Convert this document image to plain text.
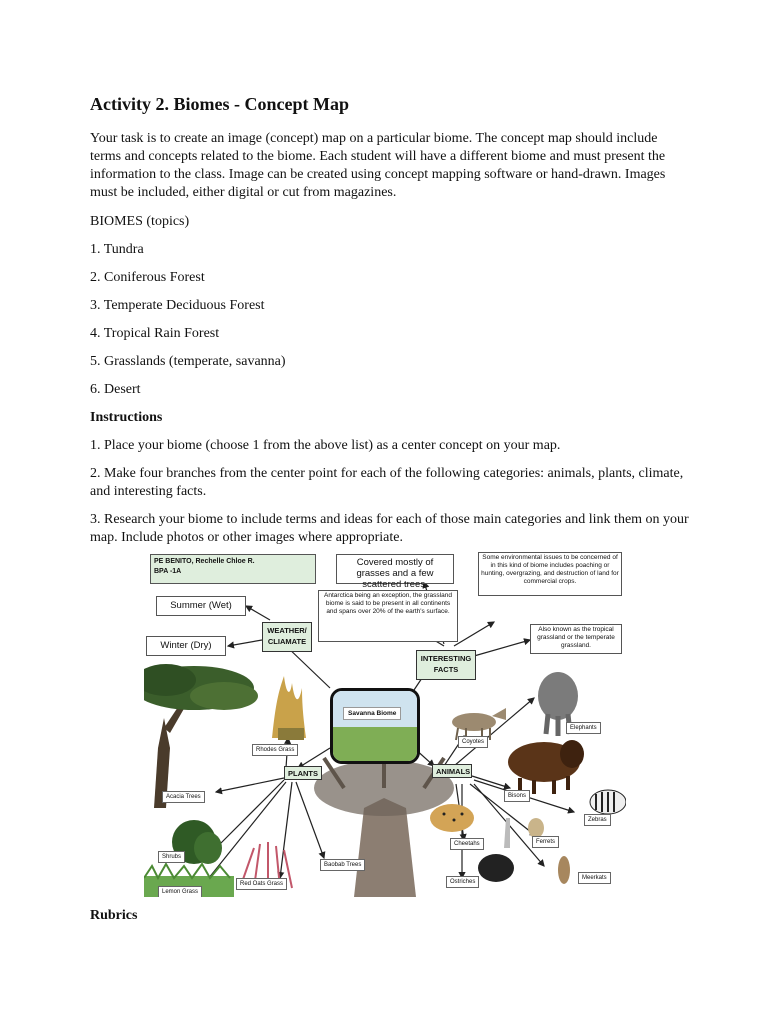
Activity 2. Biomes - Concept Map

Your task is to create an image (concept) map on a particular biome. The concept map should include terms and concepts related to the biome. Each student will have a different biome and must present the information to the class. Image can be created using concept mapping software or hand-drawn. Images must be included, either digital or cut from magazines.

BIOMES (topics)

1. Tundra

2. Coniferous Forest

3. Temperate Deciduous Forest

4. Tropical Rain Forest

5. Grasslands (temperate, savanna)

6. Desert

Instructions

1. Place your biome (choose 1 from the above list) as a center concept on your map.

2. Make four branches from the center point for each of the following categories: animals, plants, climate, and interesting facts.

3. Research your biome to include terms and ideas for each of those main categories and link them on your map. Include photos or other images where appropriate.

PE BENITO, Rechelle Chloe R.
BPA -1A
Covered mostly of grasses and a few scattered trees.
Some environmental issues to be concerned of in this kind of biome includes poaching or hunting, overgrazing, and destruction of land for commercial crops.
Antarctica being an exception, the grassland biome is said to be present in all continents and spans over 20% of the earth's surface.
Also known as the tropical grassland or the temperate grassland.
Summer (Wet)
Winter (Dry)
WEATHER/ CLIAMATE
INTERESTING FACTS
Savanna Biome
PLANTS	ANIMALS
Rhodes Grass
Acacia Trees
Shrubs
Lemon Grass
Red Oats Grass
Baobab Trees
Coyotes
Elephants
Bisons
Zebras
Ferrets
Cheetahs
Ostriches
Meerkats
Rubrics
